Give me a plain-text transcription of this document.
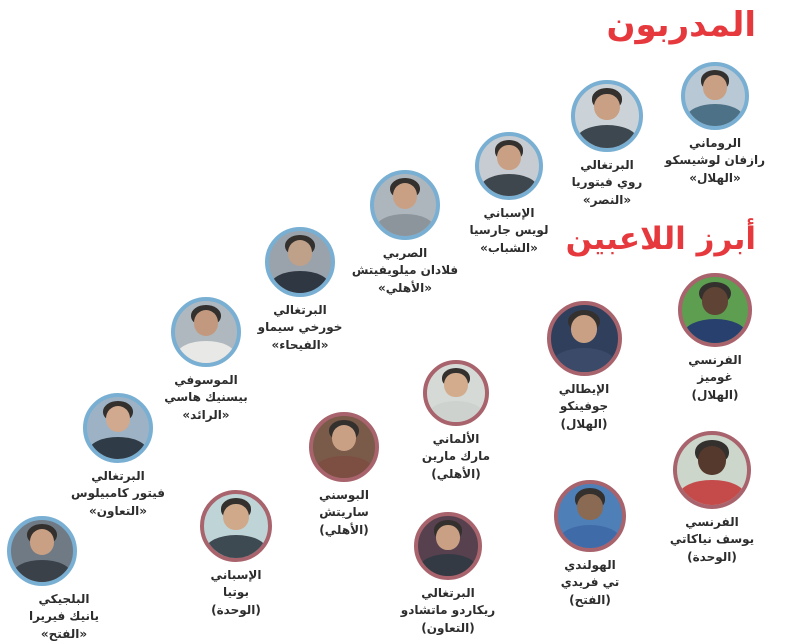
المدربون
أبرز اللاعبين
الروماني
رازفان لوشيسكو
«الهلال»
البرتغالي
روي فيتوريا
«النصر»
الإسباني
لويس جارسيا
«الشباب»
الصربي
فلادان ميلويفيتش
«الأهلي»
البرتغالي
خورخي سيماو
«الفيحاء»
الموسوفي
بيسنيك هاسي
«الرائد»
البرتغالي
فيتور كامبيلوس
«التعاون»
البلجيكي
يانيك فيريرا
«الفتح»
الفرنسي
غوميز
(الهلال)
الإيطالي
جوفينكو
(الهلال)
الألماني
مارك مارين
(الأهلي)
البوسني
ساريتش
(الأهلي)
الإسباني
بوتيا
(الوحدة)
البرتغالي
ريكاردو ماتشادو
(التعاون)
الهولندي
تي فريدي
(الفتح)
الفرنسي
يوسف نياكاتي
(الوحدة)
